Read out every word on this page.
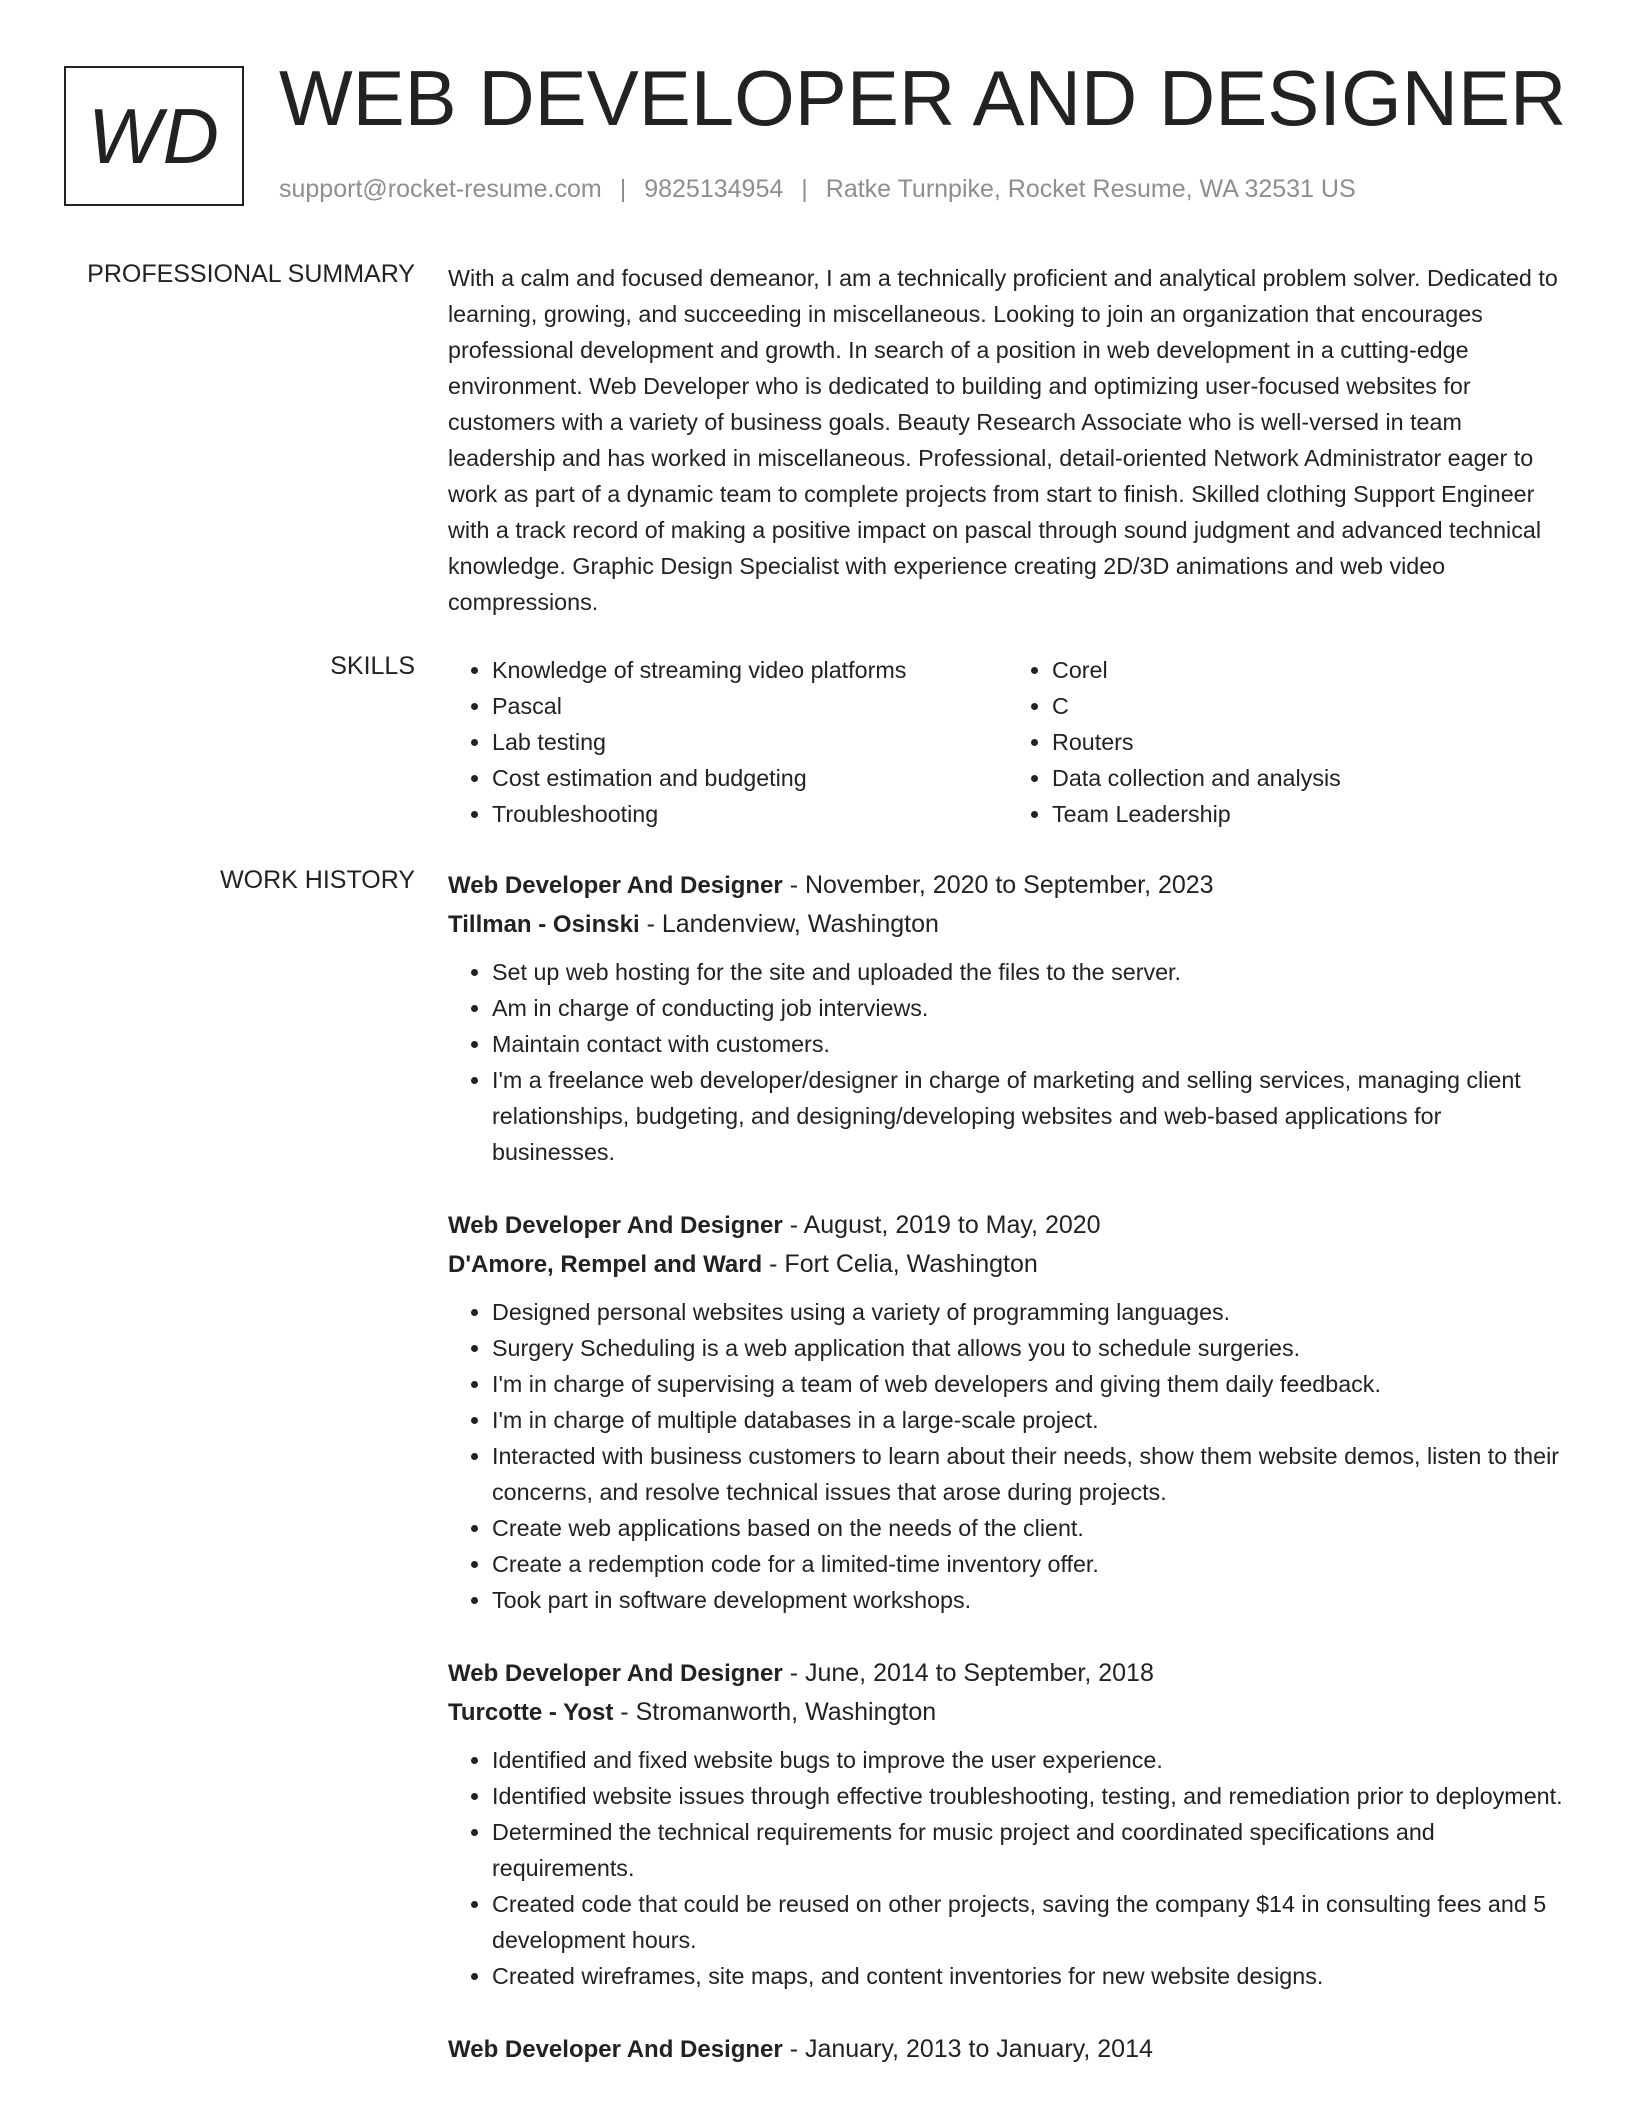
WD WEB DEVELOPER AND DESIGNER
support@rocket-resume.com | 9825134954 | Ratke Turnpike, Rocket Resume, WA 32531 US
PROFESSIONAL SUMMARY With a calm and focused demeanor, I am a technically proficient and analytical problem solver. Dedicated to learning, growing, and succeeding in miscellaneous. Looking to join an organization that encourages professional development and growth. In search of a position in web development in a cutting-edge environment. Web Developer who is dedicated to building and optimizing user-focused websites for customers with a variety of business goals. Beauty Research Associate who is well-versed in team leadership and has worked in miscellaneous. Professional, detail-oriented Network Administrator eager to work as part of a dynamic team to complete projects from start to finish. Skilled clothing Support Engineer with a track record of making a positive impact on pascal through sound judgment and advanced technical knowledge. Graphic Design Specialist with experience creating 2D/3D animations and web video compressions.
SKILLS
•	Knowledge of streaming video platforms
• Pascal
• Lab testing
• Cost estimation and budgeting
• Troubleshooting
• Corel
• C
• Routers
• Data collection and analysis
• Team Leadership
WORK HISTORY Web Developer And Designer - November, 2020 to September, 2023
Tillman - Osinski - Landenview, Washington
• Set up web hosting for the site and uploaded the files to the server.
• Am in charge of conducting job interviews.
• Maintain contact with customers.
• I'm a freelance web developer/designer in charge of marketing and selling services, managing client relationships, budgeting, and designing/developing websites and web-based applications for businesses.
Web Developer And Designer - August, 2019 to May, 2020
D'Amore, Rempel and Ward - Fort Celia, Washington
• Designed personal websites using a variety of programming languages.
• Surgery Scheduling is a web application that allows you to schedule surgeries.
• I'm in charge of supervising a team of web developers and giving them daily feedback.
• I'm in charge of multiple databases in a large-scale project.
• Interacted with business customers to learn about their needs, show them website demos, listen to their concerns, and resolve technical issues that arose during projects.
• Create web applications based on the needs of the client.
• Create a redemption code for a limited-time inventory offer.
• Took part in software development workshops.
Web Developer And Designer - June, 2014 to September, 2018
Turcotte - Yost - Stromanworth, Washington
• Identified and fixed website bugs to improve the user experience.
• Identified website issues through effective troubleshooting, testing, and remediation prior to deployment.
• Determined the technical requirements for music project and coordinated specifications and requirements.
• Created code that could be reused on other projects, saving the company $14 in consulting fees and 5 development hours.
• Created wireframes, site maps, and content inventories for new website designs.
Web Developer And Designer - January, 2013 to January, 2014
